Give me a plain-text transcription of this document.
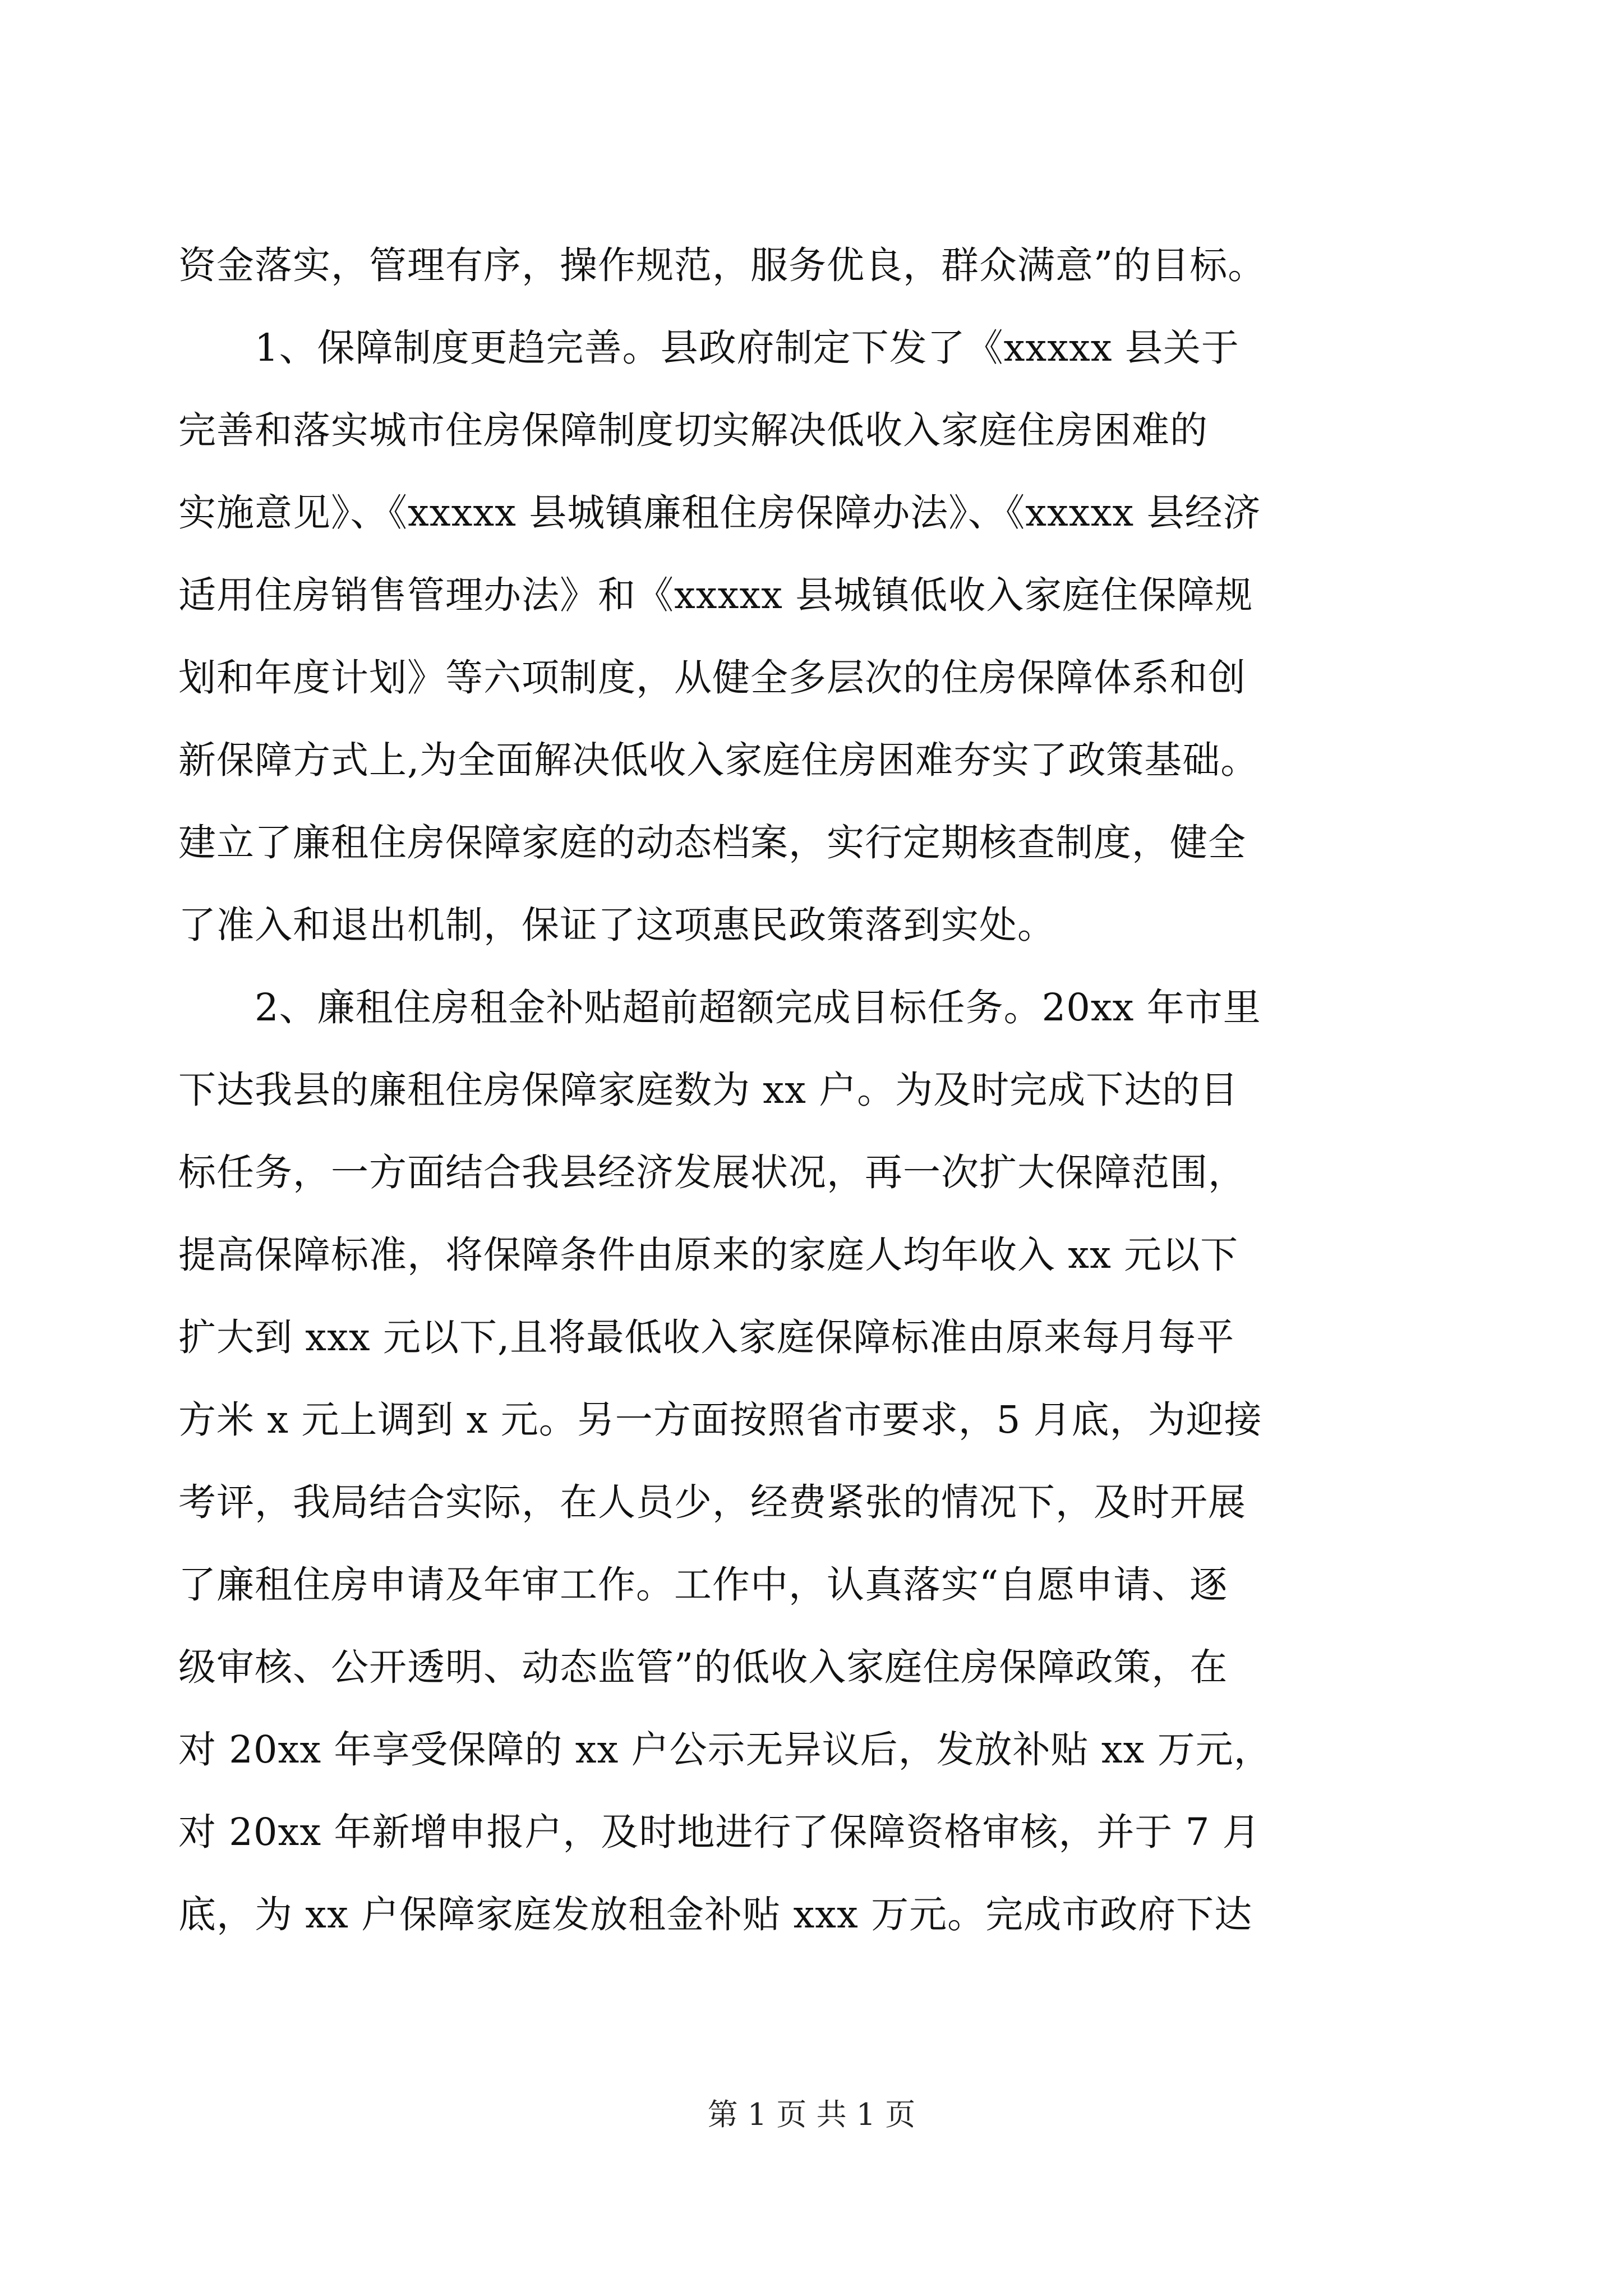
资金落实，管理有序，操作规范，服务优良，群众满意”的目标。
　　1、保障制度更趋完善。县政府制定下发了《xxxxx 县关于
完善和落实城市住房保障制度切实解决低收入家庭住房困难的
实施意见》、《xxxxx 县城镇廉租住房保障办法》、《xxxxx 县经济
适用住房销售管理办法》和《xxxxx 县城镇低收入家庭住保障规
划和年度计划》等六项制度，从健全多层次的住房保障体系和创
新保障方式上,为全面解决低收入家庭住房困难夯实了政策基础。
建立了廉租住房保障家庭的动态档案，实行定期核查制度，健全
了准入和退出机制，保证了这项惠民政策落到实处。
　　2、廉租住房租金补贴超前超额完成目标任务。20xx 年市里
下达我县的廉租住房保障家庭数为 xx 户。为及时完成下达的目
标任务，一方面结合我县经济发展状况，再一次扩大保障范围，
提高保障标准，将保障条件由原来的家庭人均年收入 xx 元以下
扩大到 xxx 元以下,且将最低收入家庭保障标准由原来每月每平
方米 x 元上调到 x 元。另一方面按照省市要求，5 月底，为迎接
考评，我局结合实际，在人员少，经费紧张的情况下，及时开展
了廉租住房申请及年审工作。工作中，认真落实“自愿申请、逐
级审核、公开透明、动态监管”的低收入家庭住房保障政策，在
对 20xx 年享受保障的 xx 户公示无异议后，发放补贴 xx 万元，
对 20xx 年新增申报户，及时地进行了保障资格审核，并于 7 月
底，为 xx 户保障家庭发放租金补贴 xxx 万元。完成市政府下达
第 1 页 共 1 页
